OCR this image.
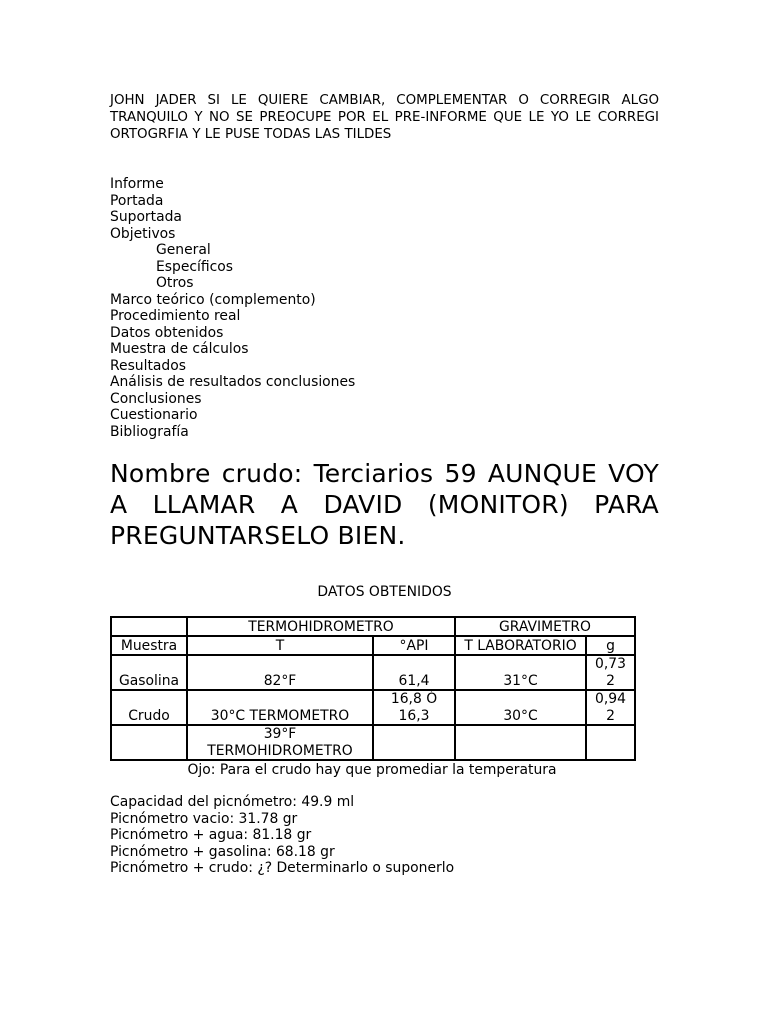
JOHN JADER SI LE QUIERE CAMBIAR, COMPLEMENTAR O CORREGIR ALGO TRANQUILO Y NO SE PREOCUPE POR EL PRE-INFORME QUE LE YO LE CORREGI ORTOGRFIA Y LE PUSE TODAS LAS TILDES

Informe
Portada
Suportada
Objetivos
General
Específicos
Otros
Marco teórico (complemento)
Procedimiento real
Datos obtenidos
Muestra de cálculos
Resultados
Análisis de resultados conclusiones
Conclusiones
Cuestionario
Bibliografía
Nombre crudo: Terciarios 59 AUNQUE VOY A LLAMAR A DAVID (MONITOR) PARA PREGUNTARSELO BIEN.
DATOS OBTENIDOS
	TERMOHIDROMETRO		GRAVIMETRO	
Muestra	T	°API	T LABORATORIO	g
Gasolina	82°F	61,4	31°C	0,73 2
Crudo	30°C TERMOMETRO	16,8 Ó 16,3	30°C	0,94 2
	39°F TERMOHIDROMETRO			
Ojo: Para el crudo hay que promediar la temperatura
Capacidad del picnómetro: 49.9 ml
Picnómetro vacio: 31.78 gr
Picnómetro + agua: 81.18 gr
Picnómetro + gasolina: 68.18 gr
Picnómetro + crudo: ¿? Determinarlo o suponerlo
